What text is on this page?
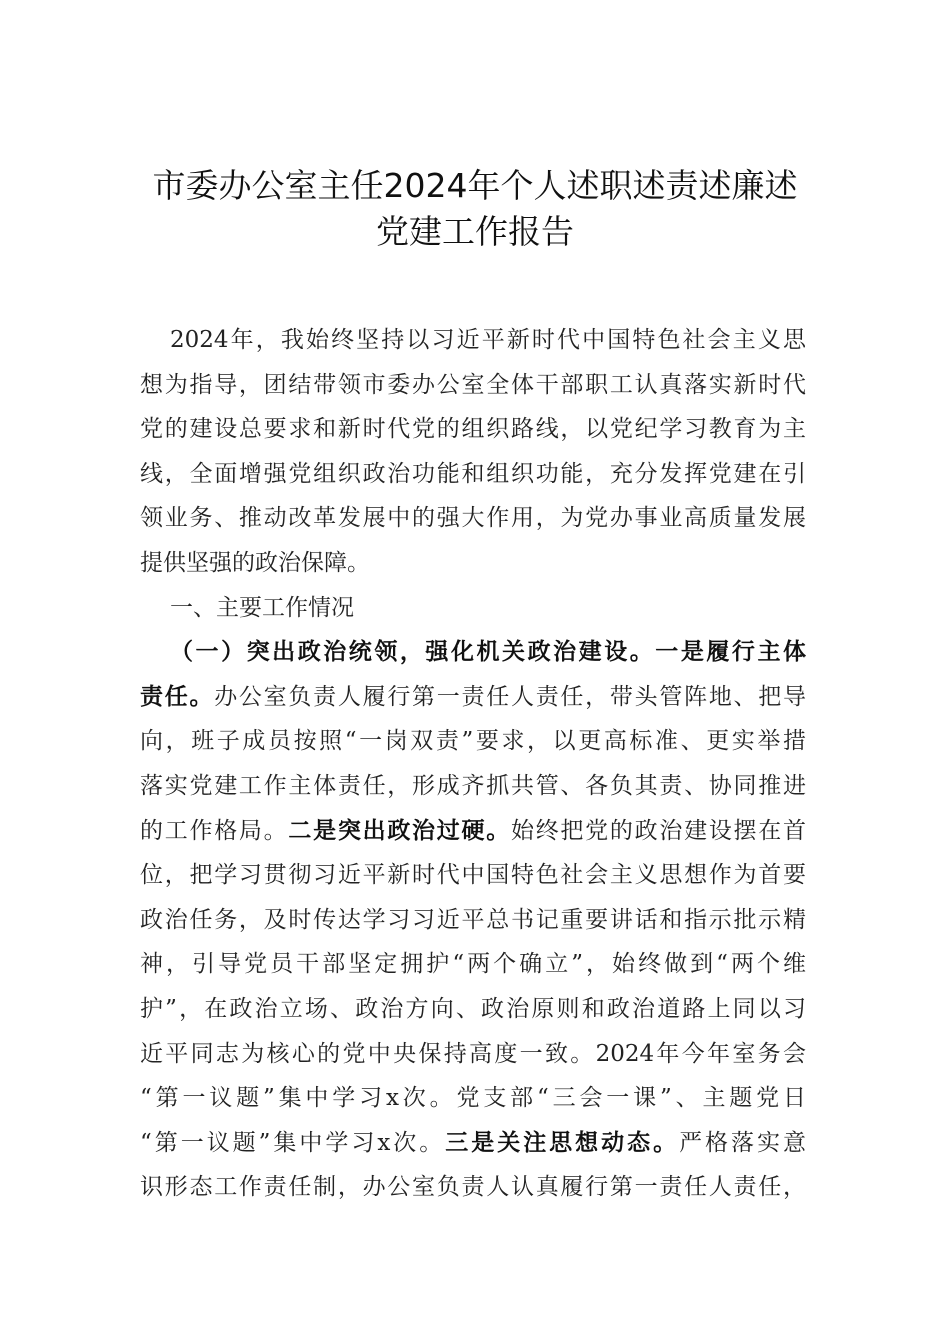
市委办公室主任2024年个人述职述责述廉述
党建工作报告
2024年，我始终坚持以习近平新时代中国特色社会主义思
想为指导，团结带领市委办公室全体干部职工认真落实新时代
党的建设总要求和新时代党的组织路线，以党纪学习教育为主
线，全面增强党组织政治功能和组织功能，充分发挥党建在引
领业务、推动改革发展中的强大作用，为党办事业高质量发展
提供坚强的政治保障。
一、主要工作情况
（一）突出政治统领，强化机关政治建设。一是履行主体
责任。办公室负责人履行第一责任人责任，带头管阵地、把导
向，班子成员按照“一岗双责”要求，以更高标准、更实举措
落实党建工作主体责任，形成齐抓共管、各负其责、协同推进
的工作格局。二是突出政治过硬。始终把党的政治建设摆在首
位，把学习贯彻习近平新时代中国特色社会主义思想作为首要
政治任务，及时传达学习习近平总书记重要讲话和指示批示精
神，引导党员干部坚定拥护“两个确立”，始终做到“两个维
护”，在政治立场、政治方向、政治原则和政治道路上同以习
近平同志为核心的党中央保持高度一致。2024年今年室务会
“第一议题”集中学习x次。党支部“三会一课”、主题党日
“第一议题”集中学习x次。三是关注思想动态。严格落实意
识形态工作责任制，办公室负责人认真履行第一责任人责任，
